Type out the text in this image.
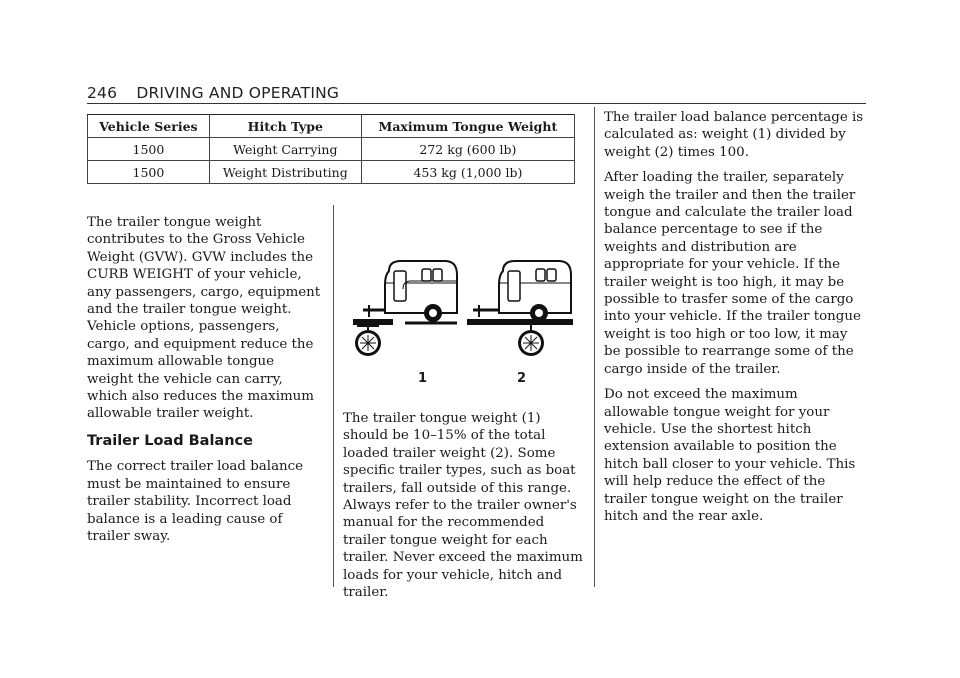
246 DRIVING AND OPERATING
Vehicle Series	Hitch Type	Maximum Tongue Weight
1500	Weight Carrying	272 kg (600 lb)
1500	Weight Distributing	453 kg (1,000 lb)

The trailer tongue weight contributes to the Gross Vehicle Weight (GVW). GVW includes the CURB WEIGHT of your vehicle, any passengers, cargo, equipment and the trailer tongue weight. Vehicle options, passengers, cargo, and equipment reduce the maximum allowable tongue weight the vehicle can carry, which also reduces the maximum allowable trailer weight.

Trailer Load Balance

The correct trailer load balance must be maintained to ensure trailer stability. Incorrect load balance is a leading cause of trailer sway.

1	2

The trailer tongue weight (1) should be 10–15% of the total loaded trailer weight (2). Some specific trailer types, such as boat trailers, fall outside of this range. Always refer to the trailer owner's manual for the recommended trailer tongue weight for each trailer. Never exceed the maximum loads for your vehicle, hitch and trailer.

The trailer load balance percentage is calculated as: weight (1) divided by weight (2) times 100.

After loading the trailer, separately weigh the trailer and then the trailer tongue and calculate the trailer load balance percentage to see if the weights and distribution are appropriate for your vehicle. If the trailer weight is too high, it may be possible to trasfer some of the cargo into your vehicle. If the trailer tongue weight is too high or too low, it may be possible to rearrange some of the cargo inside of the trailer.

Do not exceed the maximum allowable tongue weight for your vehicle. Use the shortest hitch extension available to position the hitch ball closer to your vehicle. This will help reduce the effect of the trailer tongue weight on the trailer hitch and the rear axle.
